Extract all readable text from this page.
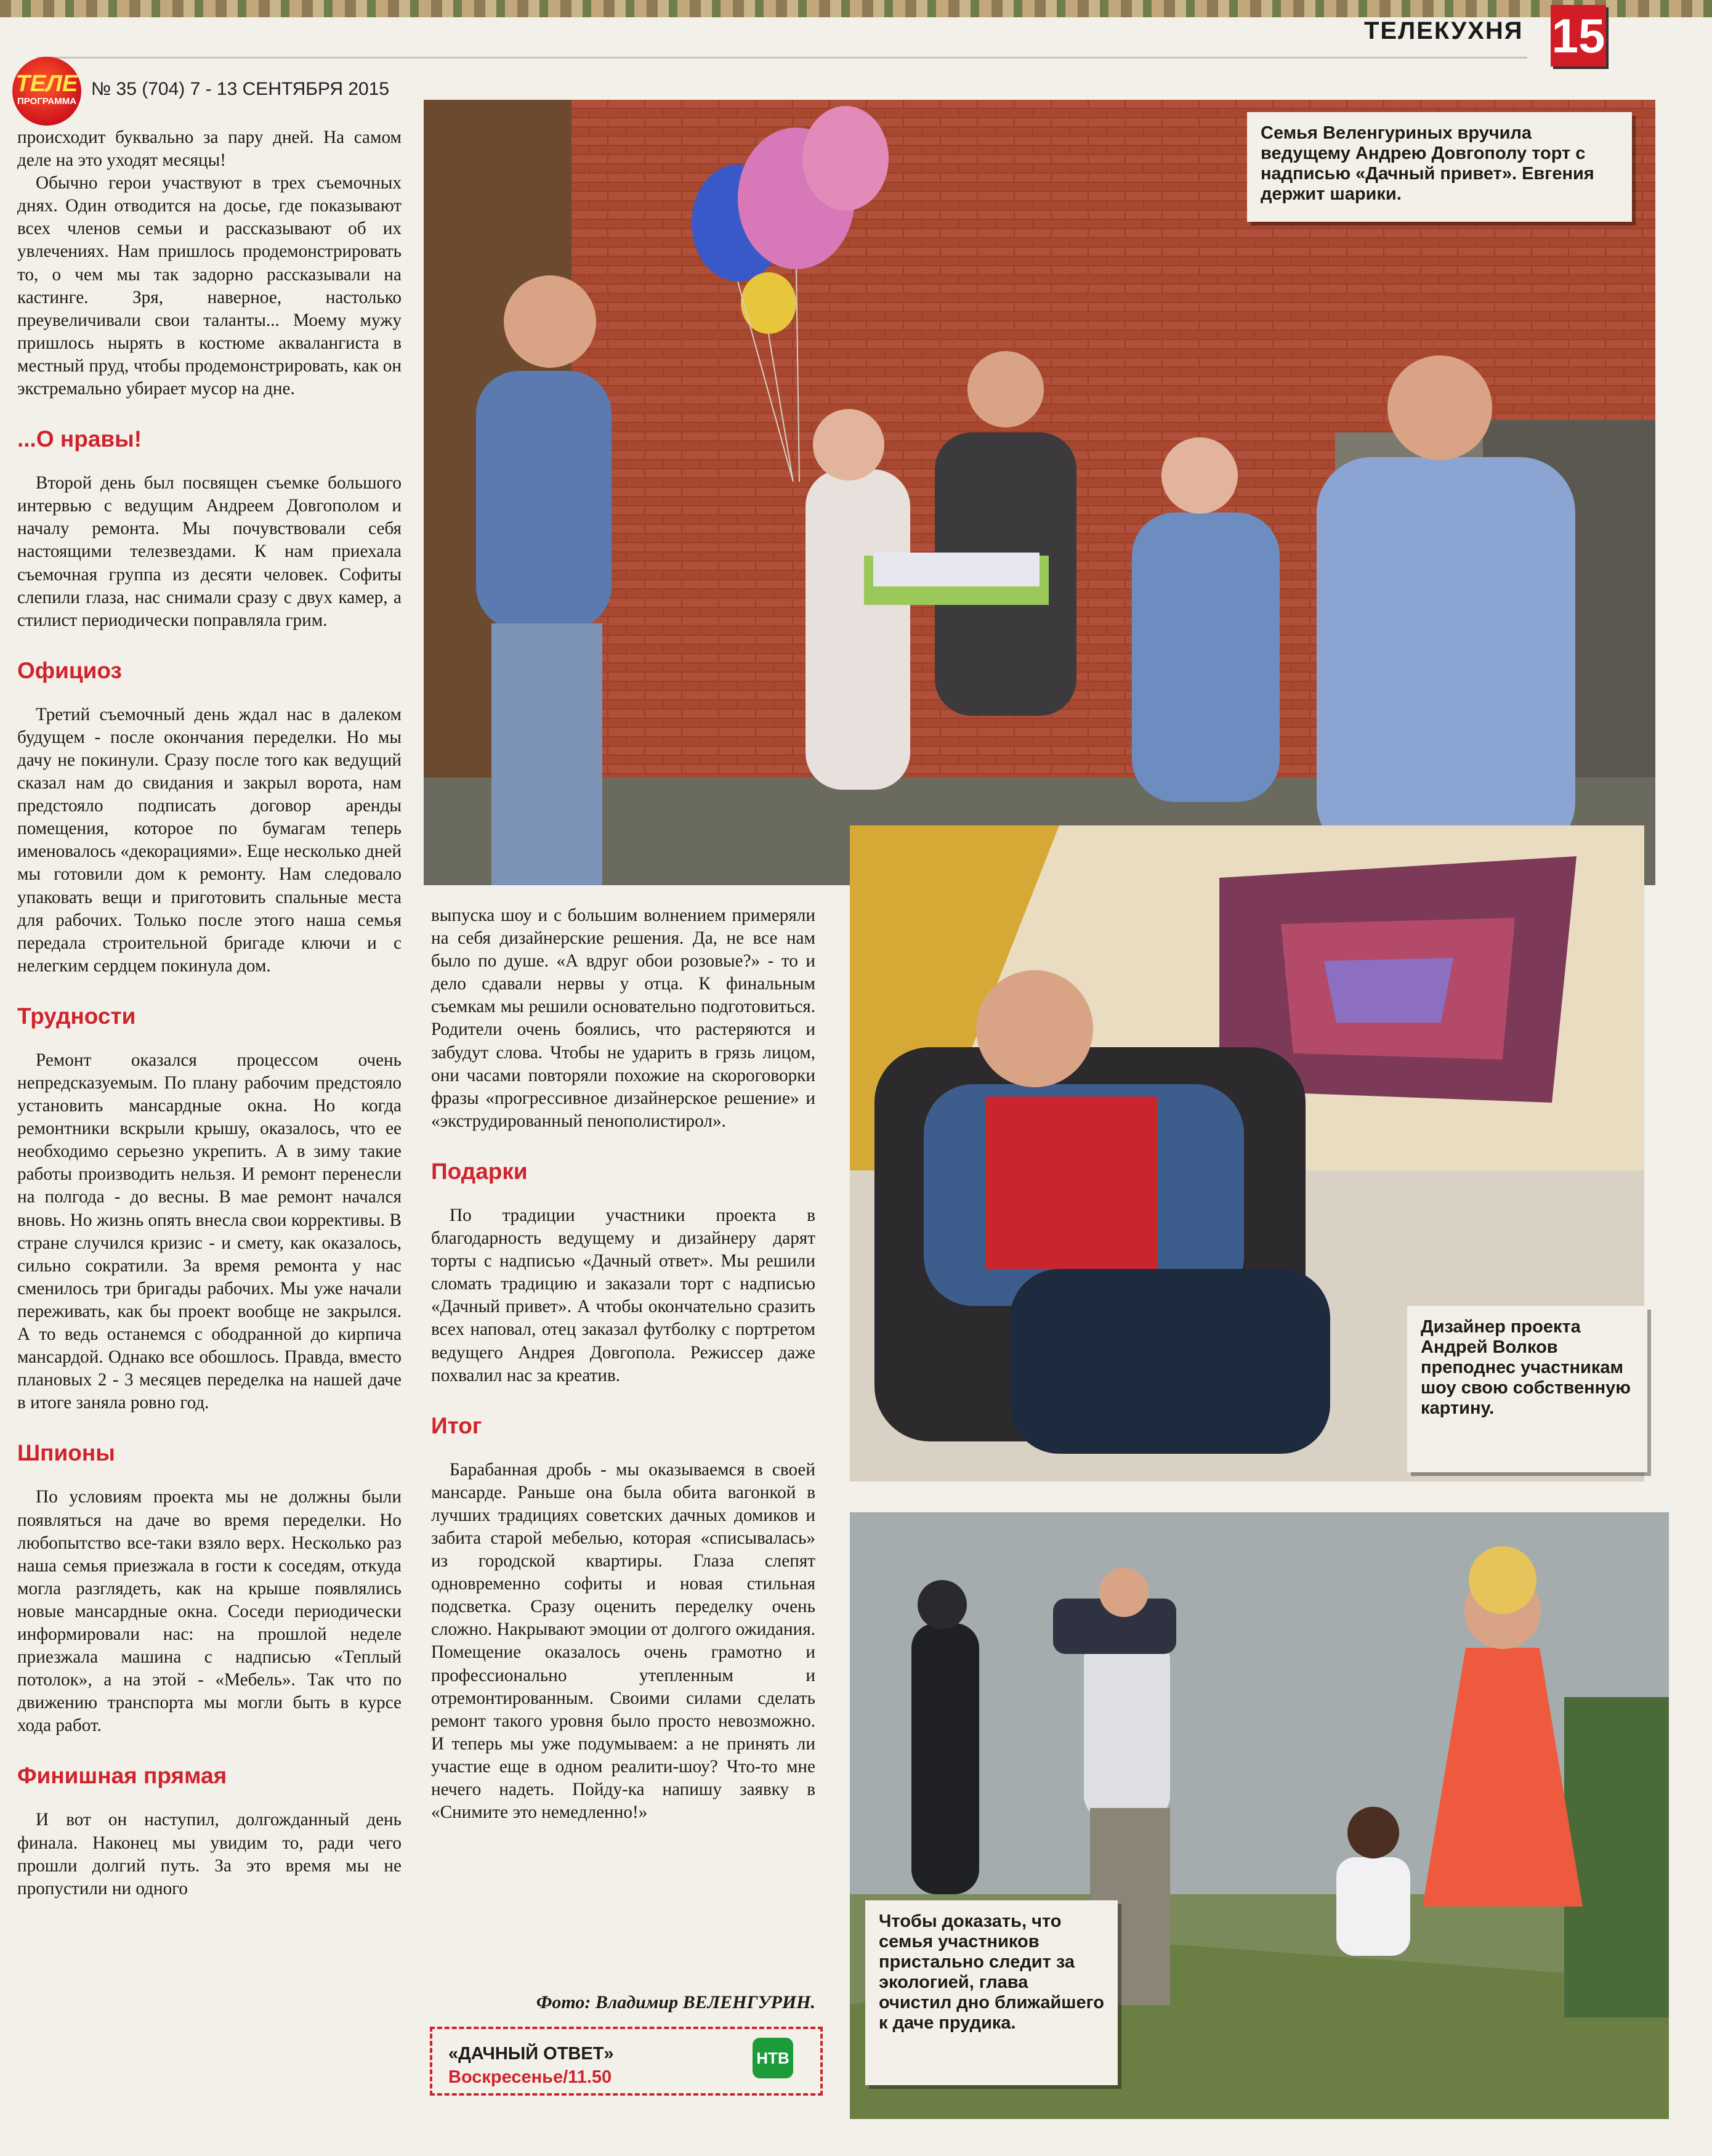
ТЕЛЕКУХНЯ 15
ТЕЛЕ
ПРОГРАММА
№ 35 (704) 7 - 13 СЕНТЯБРЯ 2015

происходит буквально за пару дней. На самом деле на это уходят месяцы!

Обычно герои участвуют в трех съемочных днях. Один отводится на досье, где показывают всех членов семьи и рассказывают об их увлечениях. Нам пришлось продемонстрировать то, о чем мы так задорно рассказывали на кастинге. Зря, наверное, настолько преувеличивали свои таланты... Моему мужу пришлось нырять в костюме аквалангиста в местный пруд, чтобы продемонстрировать, как он экстремально убирает мусор на дне.

...О нравы!

Второй день был посвящен съемке большого интервью с ведущим Андреем Довгополом и началу ремонта. Мы почувствовали себя настоящими телезвездами. К нам приехала съемочная группа из десяти человек. Софиты слепили глаза, нас снимали сразу с двух камер, а стилист периодически поправляла грим.

Официоз

Третий съемочный день ждал нас в далеком будущем - после окончания переделки. Но мы дачу не покинули. Сразу после того как ведущий сказал нам до свидания и закрыл ворота, нам предстояло подписать договор аренды помещения, которое по бумагам теперь именовалось «декорациями». Еще несколько дней мы готовили дом к ремонту. Нам следовало упаковать вещи и приготовить спальные места для рабочих. Только после этого наша семья передала строительной бригаде ключи и с нелегким сердцем покинула дом.

Трудности

Ремонт оказался процессом очень непредсказуемым. По плану рабочим предстояло установить мансардные окна. Но когда ремонтники вскрыли крышу, оказалось, что ее необходимо серьезно укрепить. А в зиму такие работы производить нельзя. И ремонт перенесли на полгода - до весны. В мае ремонт начался вновь. Но жизнь опять внесла свои коррективы. В стране случился кризис - и смету, как оказалось, сильно сократили. За время ремонта у нас сменилось три бригады рабочих. Мы уже начали переживать, как бы проект вообще не закрылся. А то ведь останемся с ободранной до кирпича мансардой. Однако все обошлось. Правда, вместо плановых 2 - 3 месяцев переделка на нашей даче в итоге заняла ровно год.

Шпионы

По условиям проекта мы не должны были появляться на даче во время переделки. Но любопытство все-таки взяло верх. Несколько раз наша семья приезжала в гости к соседям, откуда могла разглядеть, как на крыше появлялись новые мансардные окна. Соседи периодически информировали нас: на прошлой неделе приезжала машина с надписью «Теплый потолок», а на этой - «Мебель». Так что по движению транспорта мы могли быть в курсе хода работ.

Финишная прямая

И вот он наступил, долгожданный день финала. Наконец мы увидим то, ради чего прошли долгий путь. За это время мы не пропустили ни одного

выпуска шоу и с большим волнением примеряли на себя дизайнерские решения. Да, не все нам было по душе. «А вдруг обои розовые?» - то и дело сдавали нервы у отца. К финальным съемкам мы решили основательно подготовиться. Родители очень боялись, что растеряются и забудут слова. Чтобы не ударить в грязь лицом, они часами повторяли похожие на скороговорки фразы «прогрессивное дизайнерское решение» и «экструдированный пенополистирол».

Подарки

По традиции участники проекта в благодарность ведущему и дизайнеру дарят торты с надписью «Дачный ответ». Мы решили сломать традицию и заказали торт с надписью «Дачный привет». А чтобы окончательно сразить всех наповал, отец заказал футболку с портретом ведущего Андрея Довгопола. Режиссер даже похвалил нас за креатив.

Итог

Барабанная дробь - мы оказываемся в своей мансарде. Раньше она была обита вагонкой в лучших традициях советских дачных домиков и забита старой мебелью, которая «списывалась» из городской квартиры. Глаза слепят одновременно софиты и новая стильная подсветка. Сразу оценить переделку очень сложно. Накрывают эмоции от долгого ожидания. Помещение оказалось очень грамотно и профессионально утепленным и отремонтированным. Своими силами сделать ремонт такого уровня было просто невозможно. И теперь мы уже подумываем: а не принять ли участие еще в одном реалити-шоу? Что-то мне нечего надеть. Пойду-ка напишу заявку в «Снимите это немедленно!»

Фото: Владимир ВЕЛЕНГУРИН.
«ДАЧНЫЙ ОТВЕТ»
Воскресенье/11.50
НТВ
Семья Веленгуриных вручила ведущему Андрею Довгополу торт с надписью «Дачный привет». Евгения держит шарики.
Дизайнер проекта Андрей Волков преподнес участникам шоу свою собственную картину.
Чтобы доказать, что семья участников пристально следит за экологией, глава очистил дно ближайшего к даче прудика.
